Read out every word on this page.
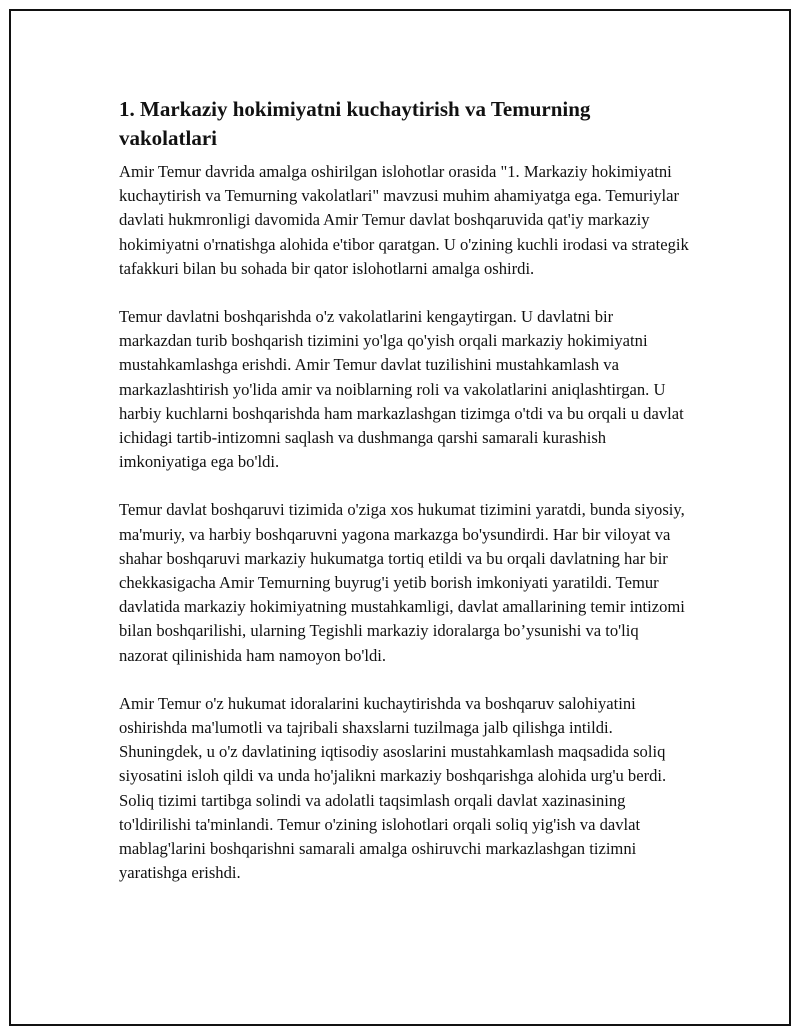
1. Markaziy hokimiyatni kuchaytirish va Temurning vakolatlari

Amir Temur davrida amalga oshirilgan islohotlar orasida "1. Markaziy hokimiyatni kuchaytirish va Temurning vakolatlari" mavzusi muhim ahamiyatga ega. Temuriylar davlati hukmronligi davomida Amir Temur davlat boshqaruvida qat'iy markaziy hokimiyatni o'rnatishga alohida e'tibor qaratgan. U o'zining kuchli irodasi va strategik tafakkuri bilan bu sohada bir qator islohotlarni amalga oshirdi.

Temur davlatni boshqarishda o'z vakolatlarini kengaytirgan. U davlatni bir markazdan turib boshqarish tizimini yo'lga qo'yish orqali markaziy hokimiyatni mustahkamlashga erishdi. Amir Temur davlat tuzilishini mustahkamlash va markazlashtirish yo'lida amir va noiblarning roli va vakolatlarini aniqlashtirgan. U harbiy kuchlarni boshqarishda ham markazlashgan tizimga o'tdi va bu orqali u davlat ichidagi tartib-intizomni saqlash va dushmanga qarshi samarali kurashish imkoniyatiga ega bo'ldi.

Temur davlat boshqaruvi tizimida o'ziga xos hukumat tizimini yaratdi, bunda siyosiy, ma'muriy, va harbiy boshqaruvni yagona markazga bo'ysundirdi. Har bir viloyat va shahar boshqaruvi markaziy hukumatga tortiq etildi va bu orqali davlatning har bir chekkasigacha Amir Temurning buyrug'i yetib borish imkoniyati yaratildi. Temur davlatida markaziy hokimiyatning mustahkamligi, davlat amallarining temir intizomi bilan boshqarilishi, ularning Tegishli markaziy idoralarga bo’ysunishi va to'liq nazorat qilinishida ham namoyon bo'ldi.

Amir Temur o'z hukumat idoralarini kuchaytirishda va boshqaruv salohiyatini oshirishda ma'lumotli va tajribali shaxslarni tuzilmaga jalb qilishga intildi. Shuningdek, u o'z davlatining iqtisodiy asoslarini mustahkamlash maqsadida soliq siyosatini isloh qildi va unda ho'jalikni markaziy boshqarishga alohida urg'u berdi. Soliq tizimi tartibga solindi va adolatli taqsimlash orqali davlat xazinasining to'ldirilishi ta'minlandi. Temur o'zining islohotlari orqali soliq yig'ish va davlat mablag'larini boshqarishni samarali amalga oshiruvchi markazlashgan tizimni yaratishga erishdi.
